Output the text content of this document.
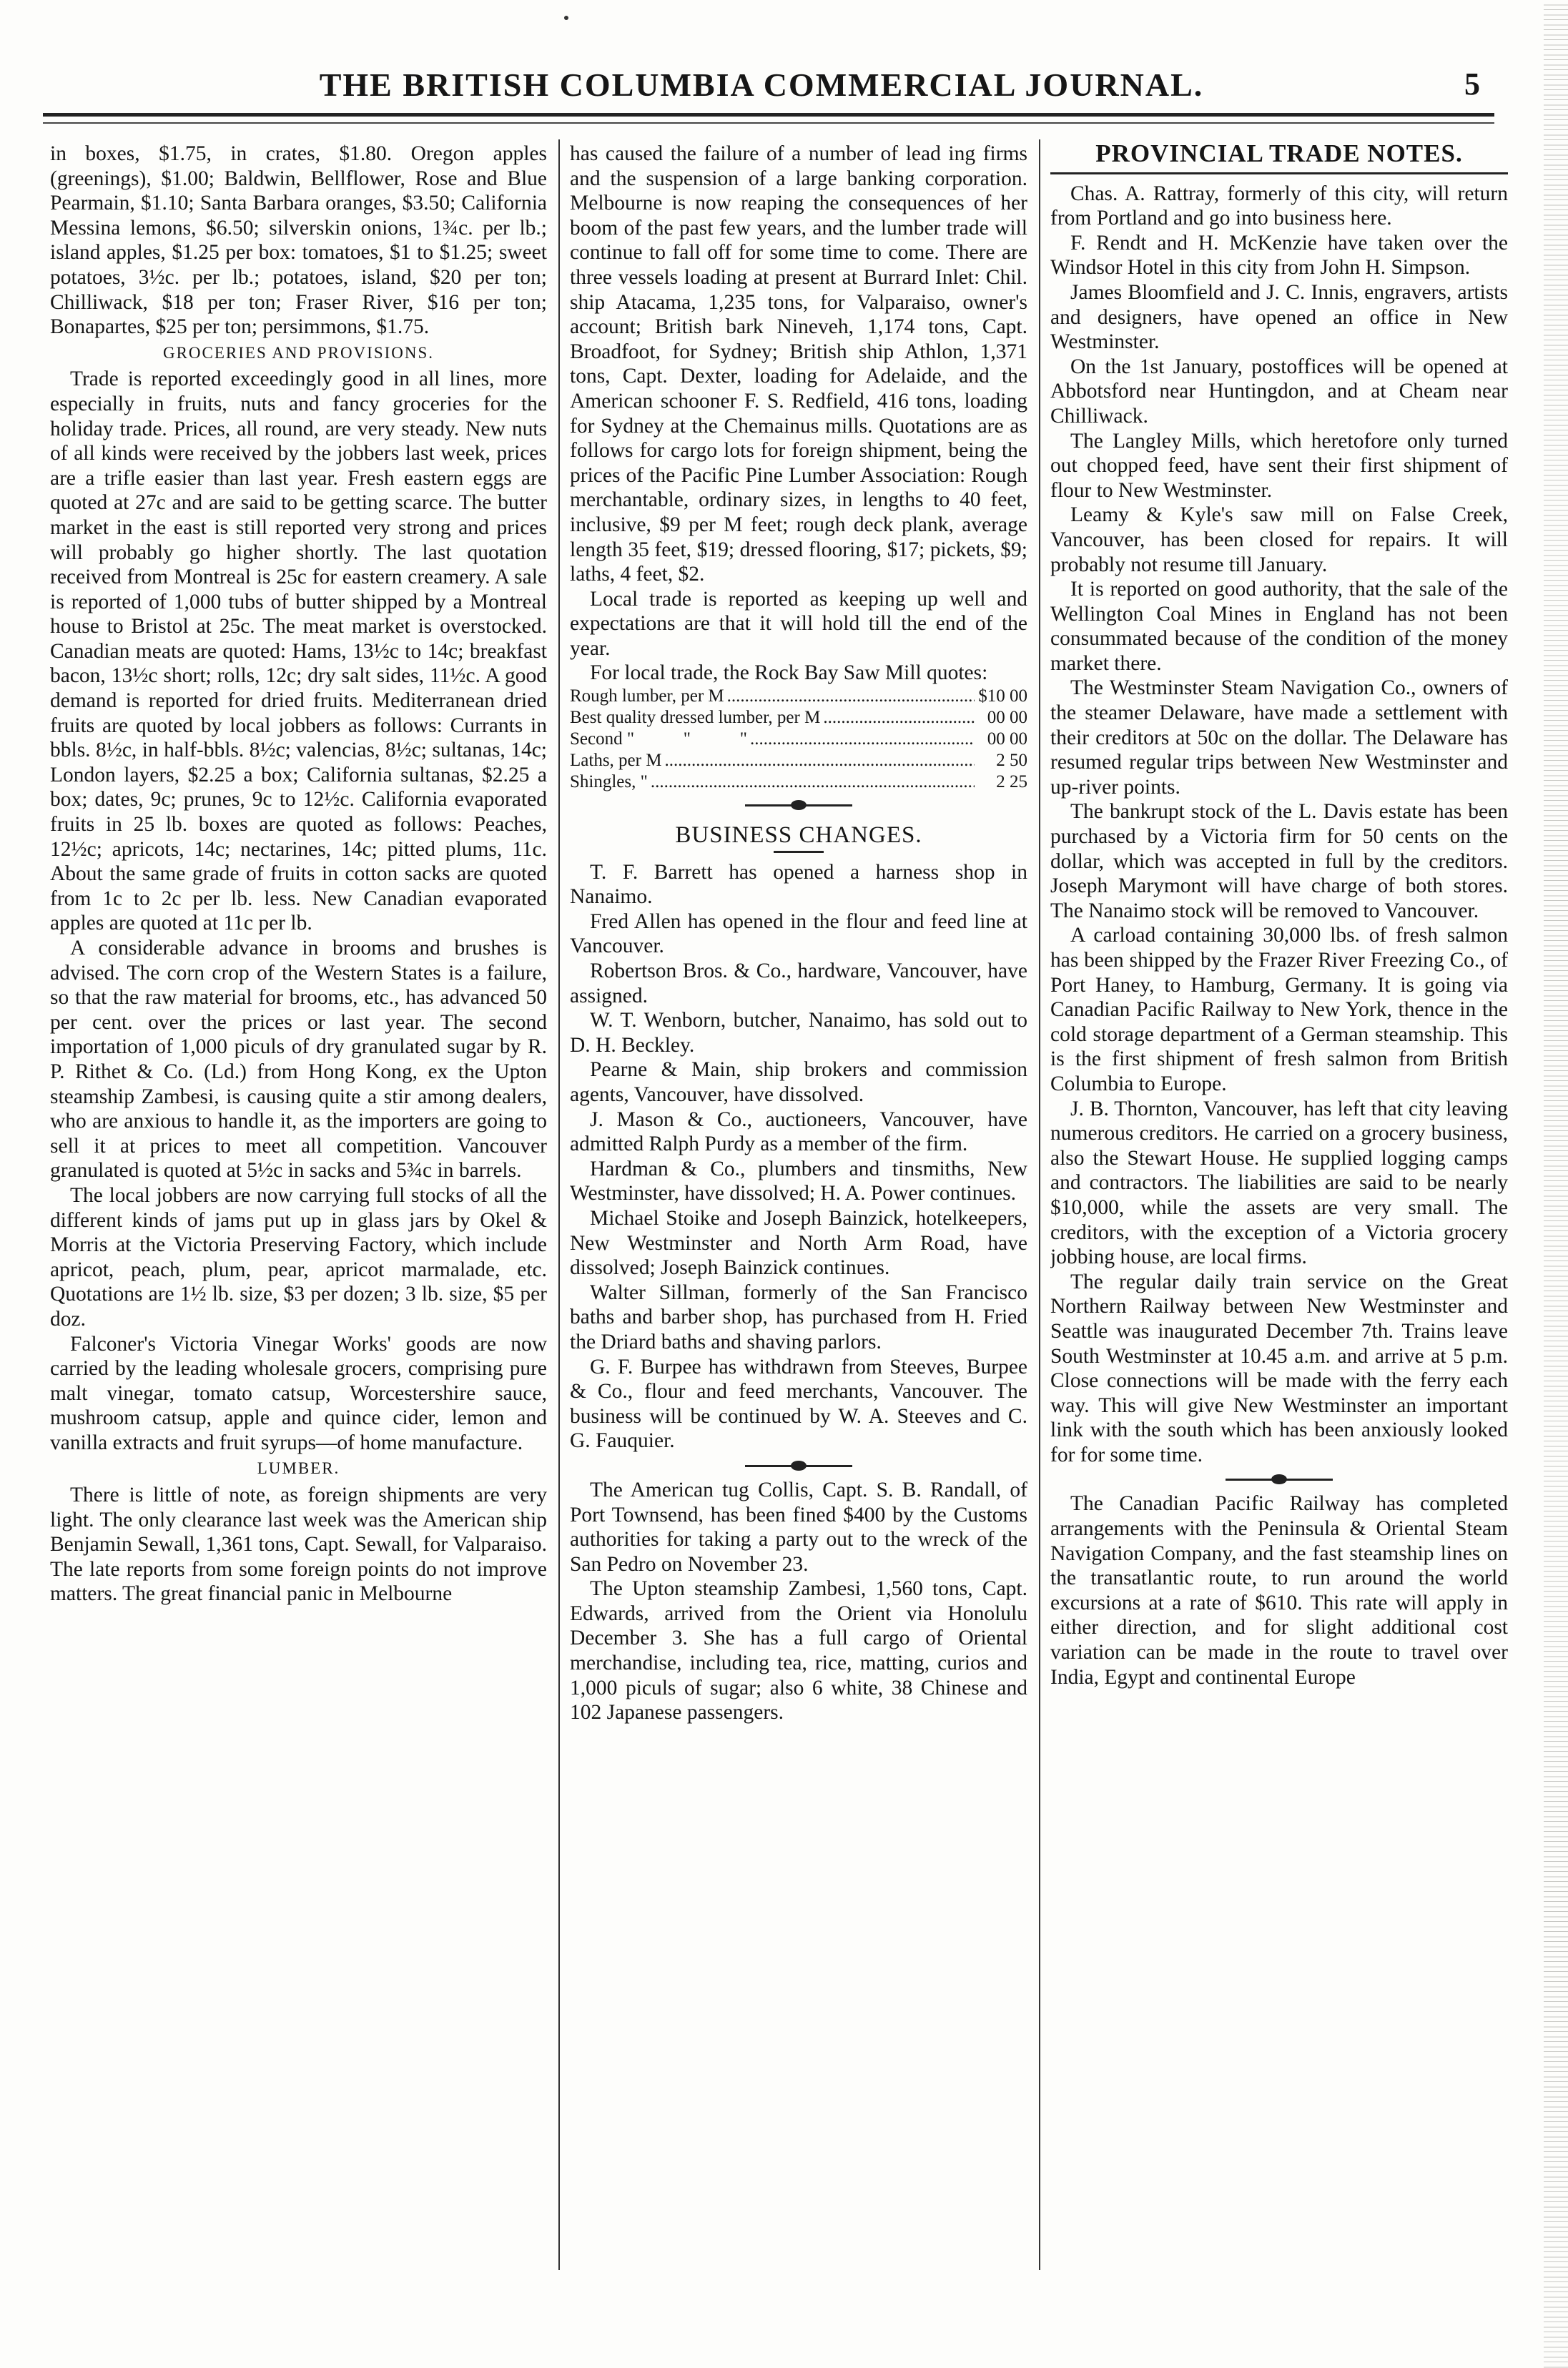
THE BRITISH COLUMBIA COMMERCIAL JOURNAL.	5

in boxes, $1.75, in crates, $1.80. Oregon apples (greenings), $1.00; Baldwin, Bellflower, Rose and Blue Pearmain, $1.10; Santa Barbara oranges, $3.50; California Messina lemons, $6.50; silverskin onions, 1¾c. per lb.; island apples, $1.25 per box: tomatoes, $1 to $1.25; sweet potatoes, 3½c. per lb.; potatoes, island, $20 per ton; Chilliwack, $18 per ton; Fraser River, $16 per ton; Bonapartes, $25 per ton; persimmons, $1.75.

GROCERIES AND PROVISIONS.

Trade is reported exceedingly good in all lines, more especially in fruits, nuts and fancy groceries for the holiday trade. Prices, all round, are very steady. New nuts of all kinds were received by the jobbers last week, prices are a trifle easier than last year. Fresh eastern eggs are quoted at 27c and are said to be getting scarce. The butter market in the east is still reported very strong and prices will probably go higher shortly. The last quotation received from Montreal is 25c for eastern creamery. A sale is reported of 1,000 tubs of butter shipped by a Montreal house to Bristol at 25c. The meat market is overstocked. Canadian meats are quoted: Hams, 13½c to 14c; breakfast bacon, 13½c short; rolls, 12c; dry salt sides, 11½c. A good demand is reported for dried fruits. Mediterranean dried fruits are quoted by local jobbers as follows: Currants in bbls. 8½c, in half-bbls. 8½c; valencias, 8½c; sultanas, 14c; London layers, $2.25 a box; California sultanas, $2.25 a box; dates, 9c; prunes, 9c to 12½c. California evaporated fruits in 25 lb. boxes are quoted as follows: Peaches, 12½c; apricots, 14c; nectarines, 14c; pitted plums, 11c. About the same grade of fruits in cotton sacks are quoted from 1c to 2c per lb. less. New Canadian evaporated apples are quoted at 11c per lb.

A considerable advance in brooms and brushes is advised. The corn crop of the Western States is a failure, so that the raw material for brooms, etc., has advanced 50 per cent. over the prices or last year. The second importation of 1,000 piculs of dry granulated sugar by R. P. Rithet & Co. (Ld.) from Hong Kong, ex the Upton steamship Zambesi, is causing quite a stir among dealers, who are anxious to handle it, as the importers are going to sell it at prices to meet all competition. Vancouver granulated is quoted at 5½c in sacks and 5¾c in barrels.

The local jobbers are now carrying full stocks of all the different kinds of jams put up in glass jars by Okel & Morris at the Victoria Preserving Factory, which include apricot, peach, plum, pear, apricot marmalade, etc. Quotations are 1½ lb. size, $3 per dozen; 3 lb. size, $5 per doz.

Falconer's Victoria Vinegar Works' goods are now carried by the leading wholesale grocers, comprising pure malt vinegar, tomato catsup, Worcestershire sauce, mushroom catsup, apple and quince cider, lemon and vanilla extracts and fruit syrups—of home manufacture.

LUMBER.

There is little of note, as foreign shipments are very light. The only clearance last week was the American ship Benjamin Sewall, 1,361 tons, Capt. Sewall, for Valparaiso. The late reports from some foreign points do not improve matters. The great financial panic in Melbourne

has caused the failure of a number of lead ing firms and the suspension of a large banking corporation. Melbourne is now reaping the consequences of her boom of the past few years, and the lumber trade will continue to fall off for some time to come. There are three vessels loading at present at Burrard Inlet: Chil. ship Atacama, 1,235 tons, for Valparaiso, owner's account; British bark Nineveh, 1,174 tons, Capt. Broadfoot, for Sydney; British ship Athlon, 1,371 tons, Capt. Dexter, loading for Adelaide, and the American schooner F. S. Redfield, 416 tons, loading for Sydney at the Chemainus mills. Quotations are as follows for cargo lots for foreign shipment, being the prices of the Pacific Pine Lumber Association: Rough merchantable, ordinary sizes, in lengths to 40 feet, inclusive, $9 per M feet; rough deck plank, average length 35 feet, $19; dressed flooring, $17; pickets, $9; laths, 4 feet, $2.

Local trade is reported as keeping up well and expectations are that it will hold till the end of the year.

For local trade, the Rock Bay Saw Mill quotes:

Rough lumber, per M .....	$10 00
Best quality dressed lumber, per M .....	00 00
Second "           "           " .....	00 00
Laths, per M .....	2 50
Shingles, " .....	2 25
BUSINESS CHANGES.

T. F. Barrett has opened a harness shop in Nanaimo.

Fred Allen has opened in the flour and feed line at Vancouver.

Robertson Bros. & Co., hardware, Vancouver, have assigned.

W. T. Wenborn, butcher, Nanaimo, has sold out to D. H. Beckley.

Pearne & Main, ship brokers and commission agents, Vancouver, have dissolved.

J. Mason & Co., auctioneers, Vancouver, have admitted Ralph Purdy as a member of the firm.

Hardman & Co., plumbers and tinsmiths, New Westminster, have dissolved; H. A. Power continues.

Michael Stoike and Joseph Bainzick, hotelkeepers, New Westminster and North Arm Road, have dissolved; Joseph Bainzick continues.

Walter Sillman, formerly of the San Francisco baths and barber shop, has purchased from H. Fried the Driard baths and shaving parlors.

G. F. Burpee has withdrawn from Steeves, Burpee & Co., flour and feed merchants, Vancouver. The business will be continued by W. A. Steeves and C. G. Fauquier.

The American tug Collis, Capt. S. B. Randall, of Port Townsend, has been fined $400 by the Customs authorities for taking a party out to the wreck of the San Pedro on November 23.

The Upton steamship Zambesi, 1,560 tons, Capt. Edwards, arrived from the Orient via Honolulu December 3. She has a full cargo of Oriental merchandise, including tea, rice, matting, curios and 1,000 piculs of sugar; also 6 white, 38 Chinese and 102 Japanese passengers.

PROVINCIAL TRADE NOTES.

Chas. A. Rattray, formerly of this city, will return from Portland and go into business here.

F. Rendt and H. McKenzie have taken over the Windsor Hotel in this city from John H. Simpson.

James Bloomfield and J. C. Innis, engravers, artists and designers, have opened an office in New Westminster.

On the 1st January, postoffices will be opened at Abbotsford near Huntingdon, and at Cheam near Chilliwack.

The Langley Mills, which heretofore only turned out chopped feed, have sent their first shipment of flour to New Westminster.

Leamy & Kyle's saw mill on False Creek, Vancouver, has been closed for repairs. It will probably not resume till January.

It is reported on good authority, that the sale of the Wellington Coal Mines in England has not been consummated because of the condition of the money market there.

The Westminster Steam Navigation Co., owners of the steamer Delaware, have made a settlement with their creditors at 50c on the dollar. The Delaware has resumed regular trips between New Westminster and up-river points.

The bankrupt stock of the L. Davis estate has been purchased by a Victoria firm for 50 cents on the dollar, which was accepted in full by the creditors. Joseph Marymont will have charge of both stores. The Nanaimo stock will be removed to Vancouver.

A carload containing 30,000 lbs. of fresh salmon has been shipped by the Frazer River Freezing Co., of Port Haney, to Hamburg, Germany. It is going via Canadian Pacific Railway to New York, thence in the cold storage department of a German steamship. This is the first shipment of fresh salmon from British Columbia to Europe.

J. B. Thornton, Vancouver, has left that city leaving numerous creditors. He carried on a grocery business, also the Stewart House. He supplied logging camps and contractors. The liabilities are said to be nearly $10,000, while the assets are very small. The creditors, with the exception of a Victoria grocery jobbing house, are local firms.

The regular daily train service on the Great Northern Railway between New Westminster and Seattle was inaugurated December 7th. Trains leave South Westminster at 10.45 a.m. and arrive at 5 p.m. Close connections will be made with the ferry each way. This will give New Westminster an important link with the south which has been anxiously looked for for some time.

The Canadian Pacific Railway has completed arrangements with the Peninsula & Oriental Steam Navigation Company, and the fast steamship lines on the transatlantic route, to run around the world excursions at a rate of $610. This rate will apply in either direction, and for slight additional cost variation can be made in the route to travel over India, Egypt and continental Europe
